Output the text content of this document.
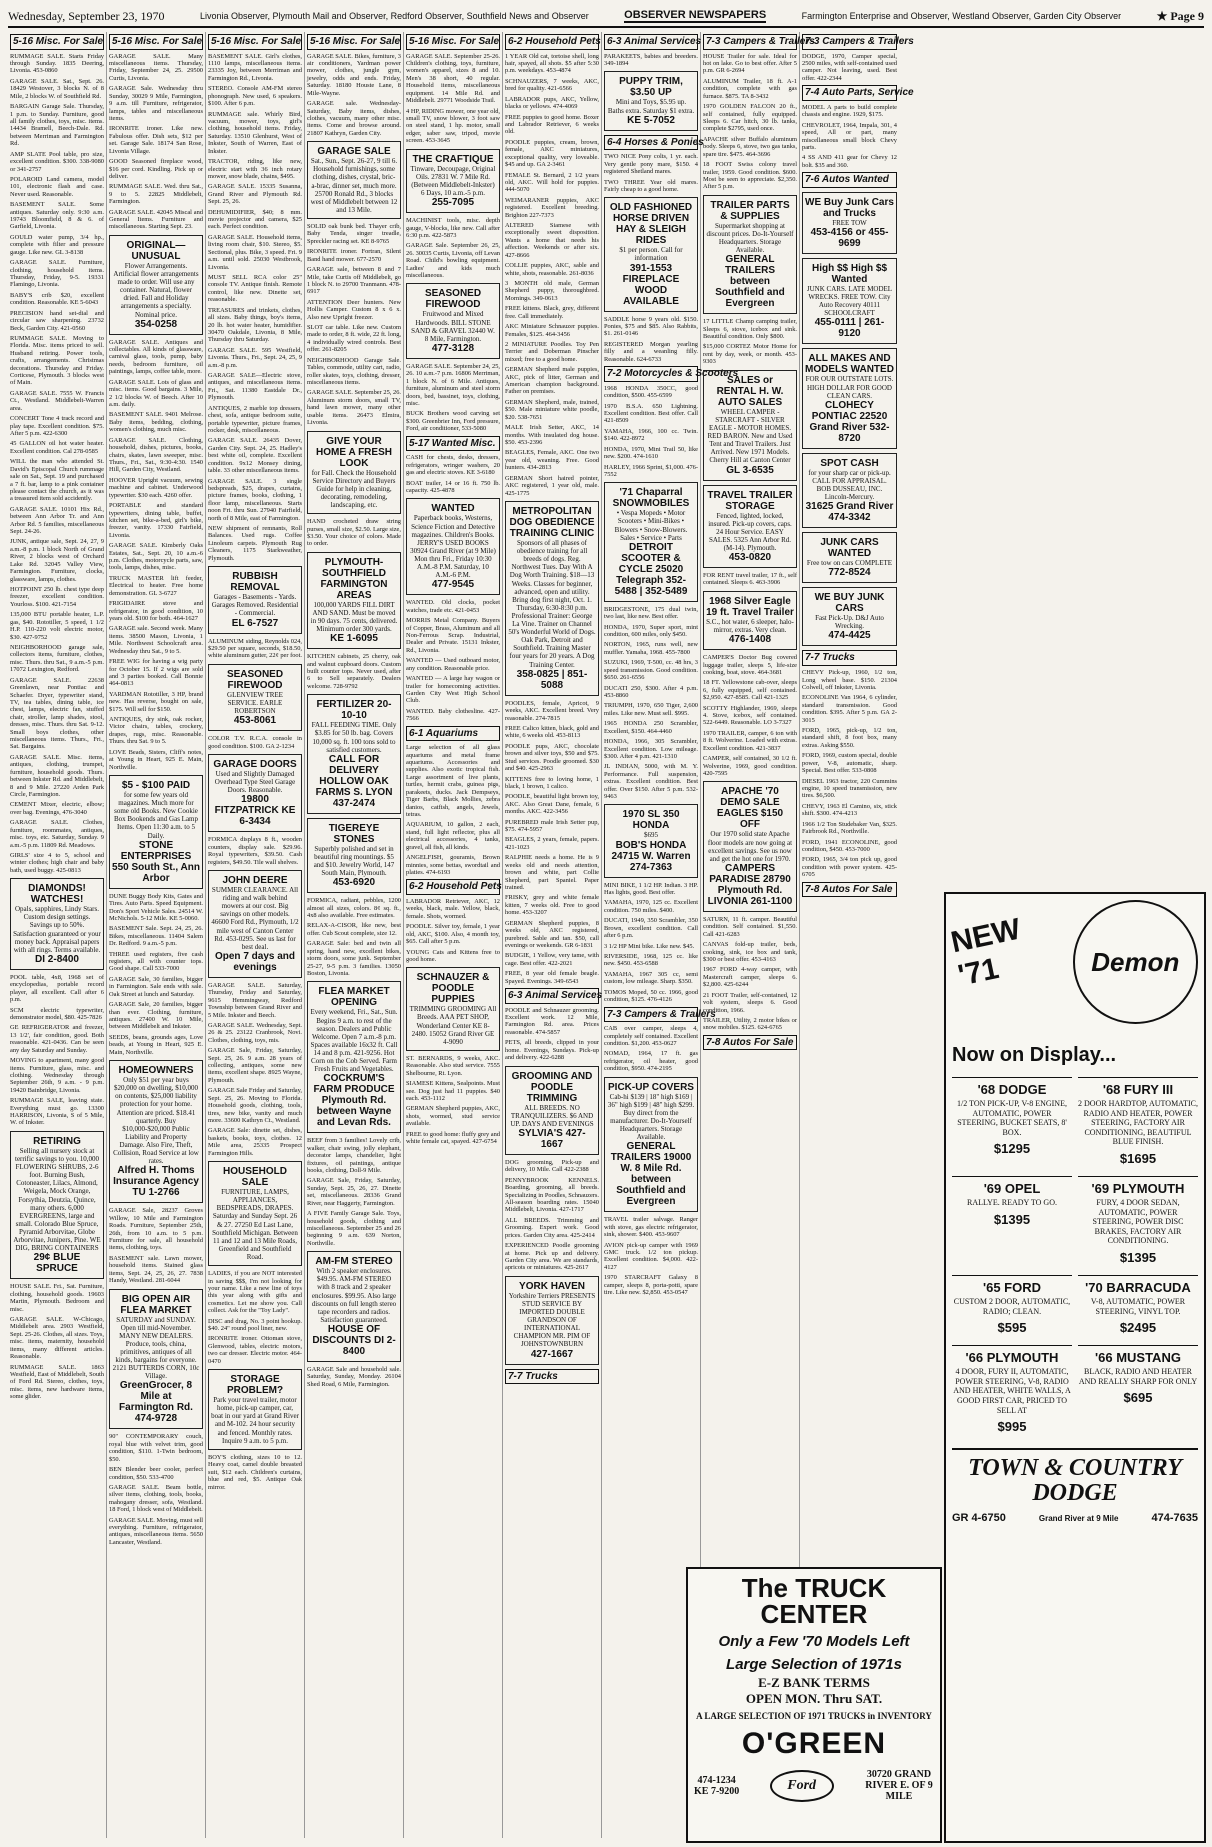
Wednesday, September 23, 1970	Livonia Observer, Plymouth Mail and Observer, Redford Observer, Southfield News and Observer	OBSERVER NEWSPAPERS	Farmington Enterprise and Observer, Westland Observer, Garden City Observer	★ Page 9
5-16 Misc. For Sale
RUMMAGE SALE. Starts Friday through Sunday. 1835 Deering, Livonia. 453-0860
GARAGE SALE. Sat., Sept. 26. 18429 Westover, 3 blocks N. of 8 Mile, 2 blocks W. of Southfield Rd.
BARGAIN Garage Sale. Thursday, 1 p.m. to Sunday. Furniture, good all family clothes, toys, misc. items. 14434 Bramell, Beech-Dale. Rd. between Merriman and Farmington Rd.
AMP SLATE Pool table, pro size, excellent condition. $300. 338-9080 or 341-2757
POLAROID Land camera, model 101, electronic flash and case. Never used. Reasonable.
BASEMENT SALE. Some antiques. Saturday only. 9:30 a.m. 19743 Bloomfield, 8 & 6. of Garfield, Livonia.
GOULD water pump, 3/4 hp., complete with filter and pressure gauge. Like new. GL 3-8138
GARAGE SALE. Furniture, clothing, household items. Thursday, Friday, 9-5. 19331 Flamingo, Livonia.
BABY'S crib $20, excellent condition. Reasonable. KE 5-6043
PRECISION hand set-dial and circular saw sharpening. 23732 Beck, Garden City. 421-0560
RUMMAGE SALE. Moving to Florida. Misc. items priced to sell. Husband retiring. Power tools, crafts, arrangements. Christmas decorations. Thursday and Friday. Corticese, Plymouth. 3 blocks west of Main.
GARAGE SALE. 7555 W. Francis Ct., Westland. Middlebelt-Warren area.
CONCERT Tone 4 track record and play tape. Excellent condition. $75. After 5 p.m. 422-6300
45 GALLON oil hot water heater. Excellent condition. Cal 278-0585
WILL the man who attended St. David's Episcopal Church rummage sale on Sat., Sept. 19 and purchased a 7 ft. bar, lamp to a pink container please contact the church, as it was a treasured item sold accidently.
GARAGE SALE. 10101 Hix Rd., between Ann Arbor Tr. and Ann Arbor Rd. 5 families, miscellaneous Sept. 24-26.
JUNK, antique sale, Sept. 24, 27, 9 a.m.-8 p.m. 1 block North of Grand River, 2 blocks west of Orchard Lake Rd. 32045 Valley View, Farmington. Furniture, clocks, glassware, lamps, clothes.
HOTPOINT 250 lb. chest type deep freezer, excellent condition. Yourloss. $100. 421-7154
135,000 BTU portable heater, L.P. gas, $40. Rototiller, 5 speed, 1 1/2 H.P. 110-220 volt electric motor, $30. 427-9752
NEIGHBORHOOD garage sale, collectors items, furniture, clothes, misc. Thurs. thru Sat., 9 a.m.-5 p.m. 17072 Lexington, Redford.
GARAGE SALE. 22638 Greenlawn, near Pontiac and Schaefer. Dryer, typewriter stand, TV, tea tables, dining table, ice chest, lamps, electric fan, stuffed chair, stroller, lamp shades, stool, dresses, misc. Thurs. thru Sat. 9-12. Small boys clothes, other miscellaneous items. Thurs., Fri., Sat. Bargains.
GARAGE SALE. Misc. items, antiques, clothing, trumpet, furniture, household goods. Thurs. between Inkster Rd. and Middlebelt, 8 and 9 Mile. 27220 Arden Park Circle, Farmington.
CEMENT Mixer, electric, elbow; over bag. Evenings, 476-3040
GARAGE SALE. Clothes, furniture, roommates, antiques, misc. toys, etc. Saturday, Sunday. 9 a.m.-5 p.m. 11809 Rd. Meadows.
GIRLS' size 4 to 5, school and winter clothes; high chair and baby bath, used buggy. 425-0813
DIAMONDS! WATCHES!
Opals, sapphires, Lindy Stars. Custom design settings. Savings up to 50%. Satisfaction guaranteed or your money back. Appraisal papers with all rings. Terms available.
DI 2-8400
POOL table, 4x8, 1968 set of encyclopedias, portable record player, all excellent. Call after 6 p.m.
SCM electric typewriter, demonstrator model, $80. 425-7826
GE REFRIGERATOR and freezer, 13 1/2', fair condition, good. Both reasonable. 421-0436. Can be seen any day Saturday and Sunday.
MOVING to apartment, many good items. Furniture, glass, misc. and clothing. Wednesday through September 26th, 9 a.m. - 9 p.m. 19420 Bainbridge, Livonia.
RUMMAGE SALE, leaving state. Everything must go. 13300 HARRISON, Livonia, S of 5 Mile, W. of Inkster.
RETIRING
Selling all nursery stock at terrific savings to you. 10,000 FLOWERING SHRUBS, 2-6 foot. Burning Bush, Cotoneaster, Lilacs, Almond, Weigela, Mock Orange, Forsythia, Deutzia, Quince, many others. 6,000 EVERGREENS, large and small. Colorado Blue Spruce, Pyramid Arborvitae, Globe Arborvitae, Junipers, Pine. WE DIG, BRING CONTAINERS
29¢ BLUE SPRUCE
HOUSE SALE. Fri., Sat. Furniture, clothing, household goods. 19603 Martin, Plymouth. Bedroom and misc.
GARAGE SALE. W-Chicago, Middlebelt area. 2903 Westfield, Sept. 25-26. Clothes, all sizes. Toys, misc. items, maternity, household items, many different articles. Reasonable.
RUMMAGE SALE. 1863 Westfield, East of Middlebelt, South of Ford Rd. Stereo, clothes, toys, misc. items, new hardware items, some glider.
5-16 Misc. For Sale
GARAGE SALE. Many miscellaneous items. Thursday, Friday, September 24, 25. 29500 Curtis, Livonia.
GARAGE Sale. Wednesday thru Sunday, 30029 9 Mile, Farmington, 9 a.m. till Furniture, refrigerator, lamps, tables and miscellaneous items.
IRONRITE ironer. Like new. Fabulous offer. Dish sets, $12 per set. Garage Sale. 18174 San Rose, Livonia Village.
GOOD Seasoned fireplace wood, $16 per cord. Kindling. Pick up or deliver.
RUMMAGE SALE. Wed. thru Sat., 9 to 5. 22825 Middlebelt, Farmington.
GARAGE SALE. 42045 Miscal and General Items. Furniture and miscellaneous. Starting Sept. 23.
ORIGINAL—UNUSUAL
Flower Arrangements. Artificial flower arrangements made to order. Will use any container. Natural, flower dried. Fall and Holiday arrangements a specialty. Nominal price.
354-0258
GARAGE SALE. Antiques and collectables. All kinds of glassware, carnival glass, tools, pump, baby needs, bedroom furniture, oil paintings, lamps, coffee table, more.
GARAGE SALE. Lots of glass and misc. items. Good bargains. 3 Mile, 2 1/2 blocks W. of Beech. After 10 a.m. daily.
BASEMENT SALE. 9401 Melrose. Baby items, bedding, clothing, women's clothing, much misc.
GARAGE SALE. Clothing, household, dishes, pictures, books, chairs, skates, lawn sweeper, misc. Thurs., Fri., Sat., 9:30-4:30. 1540 Hill, Garden City, Westland.
HOOVER Upright vacuum, sewing machine and cabinet. Underwood typewriter. $30 each. 4260 offer.
PORTABLE and standard typewriters, dining table, buffet, kitchen set, bike-a-bed, girl's bike, freezer, vanity. 17330 Fairfield, Livonia.
GARAGE SALE. Kimberly Oaks Estates, Sat., Sept. 20, 10 a.m.-6 p.m. Clothes, motorcycle parts, saw, tools, lamps, dishes, misc.
TRUCK MASTER lift feeder, Electrical to heater. Free home demonstration. GL 3-6727
FRIGIDAIRE stove and refrigerator, in good condition, 10 years old. $100 for both. 464-1627
GARAGE sale. Second week. Many items. 38500 Mason, Livonia, 1 Mile. Northwest Schoolcraft area. Wednesday thru Sat., 9 to 5.
FREE WIG for having a wig party for October 15. If 2 wigs are sold and 3 parties booked. Call Bonnie 464-0813
YARDMAN Rototiller, 3 HP, brand new. Has reverse, bought on sale, $175. Will sell for $150.
ANTIQUES, dry sink, oak rocker, Victor chairs, tables, crockery, drapes, rugs, misc. Reasonable. Thurs. thru Sat. 9 to 5.
LOVE Beads, Sisters, Cliff's notes, at Young in Heart, 925 E. Main, Northville.
$5 - $100 PAID
for some few years old magazines. Much more for some old Books. New Cookie Box Bookends and Gas Lamp Items. Open 11:30 a.m. to 5 Daily.
STONE ENTERPRISES 550 South St., Ann Arbor
DUNE Buggy Body Kits, Gates and Tires. Auto Parts. Speed Equipment. Don's Sport Vehicle Sales. 24514 W. McNichols. 5-12 Mile. KE 5-0060.
BASEMENT Sale. Sept. 24, 25, 26. Bikes, miscellaneous. 11404 Salem Dr. Redford. 9 a.m.-5 p.m.
THREE used registers, five cash registers, all with counter tops. Good shape. Call 533-7000
GARAGE Sale, 30 families, bigger in Farmington. Sale ends with sale. Oak Street at lunch and Saturday.
GARAGE Sale, 20 families, bigger than ever. Clothing, furniture, antiques. 27400 W. 10 Mile, between Middlebelt and Inkster.
SEEDS, beans, grounds ages, Love beads, at Young in Heart, 925 E. Main, Northville.
HOMEOWNERS
Only $51 per year buys $20,000 on dwelling, $10,000 on contents, $25,000 liability protection for your home. Attention are priced. $18.41 quarterly. Buy $10,000-$20,000 Public Liability and Property Damage. Also Fire, Theft, Collision, Road Service at low rates.
Alfred H. Thoms Insurance Agency TU 1-2766
GARAGE Sale, 28237 Groves Willow, 10 Mile and Farmington Roads. Furniture, September 25th, 26th, from 10 a.m. to 5 p.m. Furniture for sale, all household items, clothing, toys.
BASEMENT sale. Lawn mower, household items. Stained glass items, Sept. 24, 25, 26, 27. 7838 Handy, Westland. 281-6044
BIG OPEN AIR FLEA MARKET
SATURDAY and SUNDAY. Open till mid-November. MANY NEW DEALERS. Produce, tools, china, primitives, antiques of all kinds, bargains for everyone. 2121 BUTTERDS CORN, 10c Village.
GreenGrocer, 8 Mile at Farmington Rd. 474-9728
90" CONTEMPORARY couch, royal blue with velvet trim, good condition, $110. 1-Twin bedroom, $50.
BEN Blender beer cooler, perfect condition, $50. 533-4700
GARAGE SALE. Beam bottle, silver items, clothing, tools, books, mahogany dresser, sofa, Westland. 18 Ford, 1 block west of Middlebelt.
GARAGE SALE. Moving, must sell everything. Furniture, refrigerator, antiques, miscellaneous items. 5650 Lancaster, Westland.
5-16 Misc. For Sale
BASEMENT SALE. Girl's clothes, 1110 lamps, miscellaneous items. 23335 Joy, between Merriman and Farmington Rd., Livonia.
STEREO. Console AM-FM stereo phonograph. New used, 6 speakers. $100. After 6 p.m.
RUMMAGE sale. Whirly Bird, vacuum, mower, toys, girl's clothing, household items. Friday, Saturday. 13510 Glenhurst, West of Inkster, South of Warren, East of Inkster.
TRACTOR, riding, like new, electric start with 36 inch rotary mower, snow blade, chains, $495.
GARAGE SALE. 15335 Susanna, Grand River and Plymouth Rd. Sept. 25, 26.
DEHUMIDIFIER, $40; 8 mm. movie projector and camera, $25 each. Perfect condition.
GARAGE SALE. Household items, living room chair, $10. Stereo, $5. Sectional, plus. Bike, 3 speed. Fri. 9 a.m. until sold. 25030 Westbrook, Livonia.
MUST SELL RCA color 25" console TV. Antique finish. Remote control, like new. Dinette set, reasonable.
TREASURES and trinkets, clothes, all sizes. Baby things, boy's items, 20 lb. hot water heater, humidifier. 30470 Oakdale, Livonia, 8 Mile, Thursday thru Saturday.
GARAGE SALE. 595 Westfield, Livonia. Thurs., Fri., Sept. 24, 25, 9 a.m.-8 p.m.
GARAGE SALE—Electric stove, antiques, and miscellaneous items. Fri., Sat. 11380 Eastdale Dr., Plymouth.
ANTIQUES, 2 marble top dressers, chest, sofa, antique bedroom suite, portable typewriter, picture frames, rocker, desk, miscellaneous.
GARAGE SALE. 26435 Dover, Garden City. Sept. 24, 25. Hadley's best white oil, complete. Excellent condition. 9x12 Monsey dining, table. 33 other miscellaneous items.
GARAGE SALE. 3 single bedspreads, $25, drapes, curtains, picture frames, books, clothing, 1 floor lamp, miscellaneous. Starts noon Fri. thru Sun. 27940 Fairfield, north of 8 Mile, east of Farmington.
NEW shipment of remnants, Roll Balances. Used rugs. Coffee Linoleum carpets. Plymouth Rug Cleaners, 1175 Starkweather, Plymouth.
RUBBISH REMOVAL
Garages - Basements - Yards. Garages Removed. Residential - Commercial.
EL 6-7527
ALUMINUM siding, Reynolds 024, $29.50 per square, seconds, $18.50, white aluminum gutter, 22¢ per foot.
SEASONED FIREWOOD
GLENVIEW TREE SERVICE. EARLE ROBERTSON
453-8061
COLOR T.V. R.C.A. console in good condition. $100. GA 2-1234
GARAGE DOORS
Used and Slightly Damaged Overhead Type Steel Garage Doors. Reasonable.
19800 FITZPATRICK KE 6-3434
FORMICA displays 8 ft., wooden counters, display sale. $29.96. Royal typewriters, $39.50. Cash registers, $49.50. Tile wall shelves.
JOHN DEERE
SUMMER CLEARANCE. All riding and walk behind mowers at our cost. Big savings on other models. 46600 Ford Rd., Plymouth, 1/2 mile west of Canton Center Rd. 453-0295. See us last for best deal.
Open 7 days and evenings
GARAGE SALE. Saturday, Thursday, Friday and Saturday, 9615 Hemmingway, Redford Township between Grand River and 5 Mile. Inkster and Beech.
GARAGE SALE. Wednesday, Sept. 26 & 25. 23122 Cranbrook, Novi. Clothes, clothing, toys, mis.
GARAGE Sale, Friday, Saturday, Sept. 25, 26. 9 a.m. 28 years of collecting, antiques, some new items, excellent shape. 8925 Wayne, Plymouth.
GARAGE Sale Friday and Saturday, Sept. 25, 26. Moving to Florida. Household goods, clothing, tools, tires, new bike, vanity and much more. 33600 Kathryn Ct., Westland.
GARAGE Sale: dinette set, dishes, baskets, books, toys, clothes. 12 Mile area, 25335 Prospect Farmington Hills.
HOUSEHOLD SALE
FURNITURE, LAMPS, APPLIANCES, BEDSPREADS, DRAPES. Saturday and Sunday Sept. 26 & 27. 27250 Ed Last Lane, Southfield Michigan. Between 11 and 12 and 13 Mile Roads, Greenfield and Southfield Road.
LADIES, if you are NOT interested in saving $$$, I'm not looking for your name. Like a new line of toys this year along with gifts and cosmetics. Let me show you. Call collect. Ask for the "Toy Lady".
DISC and drag, No. 3 point hookup. $40. 24" round pool liner, new.
IRONRITE ironer. Ottoman stove, Glenwood, tables, electric motors, two car dresser. Electric motor. 464-0470
STORAGE PROBLEM?
Park your travel trailer, motor home, pick-up camper, car, boat in our yard at Grand River and M-102. 24 hour security and fenced. Monthly rates. Inquire 9 a.m. to 5 p.m.
BOY'S clothing, sizes 10 to 12. Heavy coat, camel double breasted suit, $12 each. Children's curtains, blue and red, $5. Antique Oak mirror.
5-16 Misc. For Sale
GARAGE SALE. Bikes, furniture, 3 air conditioners, Yardman power mower, clothes, jungle gym, jewelry, odds and ends. Friday, Saturday. 18180 Houste Lane, 8 Mile-Wayne.
GARAGE sale. Wednesday-Saturday, Baby items, dishes, clothes, vacuum, many other misc. items. Come and browse around. 21807 Kathryn, Garden City.
GARAGE SALE
Sat., Sun., Sept. 26-27, 9 till 6. Household furnishings, some clothing, dishes, crystal, bric-a-brac, dinner set, much more. 25700 Ronald Rd., 3 blocks west of Middlebelt between 12 and 13 Mile.
SOLID oak bunk bed. Thayer crib, Baby Tenda, singer treadle, Spreckler racing set. KE 8-9765
IRONRITE ironer. Fortran, Silent Band hand mower. 677-2570
GARAGE sale, between 8 and 7 Mile, take Curtis off Middlebelt, go 1 block N. to 29700 Tranmann. 478-6917
ATTENTION Deer hunters. New Hollis Camper. Custom 8 x 6 x. Also new Upright freezer.
SLOT car table. Like new. Custom made to order, 8 ft. wide, 22 ft. long, 4 individually wired controls. Best offer. 261-8205
NEIGHBORHOOD Garage Sale. Tables, commode, utility cart, radio, roller skates, toys, clothing, dresser, miscellaneous items.
GARAGE SALE. September 25, 26. Aluminum storm doors, small TV, hand lawn mower, many other usable items. 26473 Elmira, Livonia.
GIVE YOUR HOME A FRESH LOOK
for Fall. Check the Household Service Directory and Buyers Guide for help in cleaning, decorating, remodeling, landscaping, etc.
HAND crocheted draw string purses, small size, $2.50. Large size, $3.50. Your choice of colors. Made to order.
PLYMOUTH-SOUTHFIELD FARMINGTON AREAS
100,000 YARDS FILL DIRT AND SAND. Must be moved in 90 days. 75 cents, delivered. Minimum order 300 yards.
KE 1-6095
KITCHEN cabinets, 25 cherry, oak and walnut cupboard doors. Custom built counter tops. Never used, after 6 to Sell separately. Dealers welcome. 728-9792
FERTILIZER 20-10-10
FALL FEEDING TIME. Only $3.85 for 50 lb. bag. Covers 10,000 sq. ft. 100 tons sold to satisfied customers.
CALL FOR DELIVERY HOLLOW OAK FARMS S. LYON 437-2474
TIGEREYE STONES
Superbly polished and set in beautiful ring mountings. $5 and $10. Jewelry World, 147 South Main, Plymouth.
453-6920
FORMICA, radiant, pebbles, 1200 almost all sizes, colors. 8¢ sq. ft., 4x8 also available. Free estimates.
RELAX-A-CISOR, like new, best offer. Cub Scout complete, size 12.
GARAGE Sale: bed and twin all spring, hand new, excellent bikes, storm doors, some junk. September 25-27, 9-5 p.m. 3 families. 13050 Boston, Livonia.
FLEA MARKET OPENING
Every weekend, Fri., Sat., Sun. Begins 9 a.m. to rest of the season. Dealers and Public Welcome. Open 7 a.m.-8 p.m. Spaces available 16x32 ft. Call 14 and 8 p.m. 421-9256. Hot Corn on the Cob Served. Farm Fresh Fruits and Vegetables.
COCKRUM'S FARM PRODUCE Plymouth Rd. between Wayne and Levan Rds.
BEEF from 3 families! Lovely crib, walker, chair swing, jolly elephant, decorator lamps, chandelier, light fixtures, oil paintings, antique books, clothing, Doll-9 Mile.
GARAGE Sale, Friday, Saturday, Sunday, Sept. 25, 26, 27. Dinette set, miscellaneous. 28336 Grand River, near Haggerty, Farmington.
A FIVE Family Garage Sale. Toys, household goods, clothing and miscellaneous. September 25 and 26 beginning 9 a.m. 639 Norton, Northville.
AM-FM STEREO
With 2 speaker enclosures. $49.95. AM-FM STEREO with 8 track and 2 speaker enclosures. $99.95. Also large discounts on full length stereo tape recorders and radios. Satisfaction guaranteed.
HOUSE OF DISCOUNTS DI 2-8400
GARAGE Sale and household sale. Saturday, Sunday, Monday. 26104 Shed Road, 6 Mile, Farmington.
5-16 Misc. For Sale
GARAGE SALE. September 25-26. Children's clothing, toys, furniture, women's apparel, sizes 8 and 10. Men's 38 short, 40 regular. Household items, miscellaneous equipment. 14 Mile Rd. and Middlebelt. 29771 Woodside Trail.
4 HP, RIDING mower, one year old, small TV, snow blower, 3 foot saw on steel stand, 1 hp. motor, small edger, saber saw, tripod, movie screen. 453-3645
THE CRAFTIQUE
Tinware, Decoupage, Original Oils. 27831 W. 7 Mile Rd. (Between Middlebelt-Inkster) 6 Days, 10 a.m.-5 p.m.
255-7095
MACHINIST tools, misc. depth gauge, V-blocks, like new. Call after 6:30 p.m. 422-5873
GARAGE Sale. September 26, 25, 26. 30035 Curtis, Livonia, off Levan Road. Child's bowling equipment. Ladies' and kids much miscellaneous.
SEASONED FIREWOOD
Fruitwood and Mixed Hardwoods. BILL STONE SAND & GRAVEL 32440 W. 8 Mile, Farmington.
477-3128
GARAGE SALE. September 24, 25, 26. 10 a.m.-7 p.m. 16806 Merriman, 1 block N. of 6 Mile. Antiques, furniture, aluminum and steel storm doors, bed, bassinet, toys, clothing, misc.
BUCK Brothers wood carving set $300. Greenbrier Inn, Ford pressure, Ford, air conditioner, 533-5080
5-17 Wanted Misc.
CASH for chests, desks, dressers, refrigerators, wringer washers, 20 gas and electric stoves. KE 3-6180
BOAT trailer, 14 or 16 ft. 750 lb. capacity. 425-4878
WANTED
Paperback books, Westerns, Science Fiction and Detective magazines. Children's Books. JERRY'S USED BOOKS 30924 Grand River (at 9 Mile) Mon thru Fri., Friday 10:30 A.M.-8 P.M. Saturday, 10 A.M.-6 P.M.
477-9545
WANTED. Old clocks, pocket watches, trade etc. 421-0453
MORRIS Metal Company. Buyers of Copper, Brass, Aluminum and all Non-Ferrous Scrap. Industrial, Dealer and Private. 15131 Inkster, Rd., Livonia.
WANTED — Used outboard motor, any condition. Reasonable price.
WANTED — A large hay wagon or trailer for homecoming activities. Garden City West High School Club.
WANTED. Baby clothesline. 427-7566
6-1 Aquariums
Large selection of all glass aquariums and metal frame aquariums. Accessories and supplies. Also exotic tropical fish. Large assortment of live plants, turtles, hermit crabs, guinea pigs, parakeets, ducks. Jack Dempseys, Tiger Barbs, Black Mollies, zebra danios, catfish, angels, Jewels, tetras.
AQUARIUM, 10 gallon, 2 each, stand, full light reflector, plus all electrical accessories, 4 tanks, gravel, all fish, all kinds.
ANGELFISH, gouramis, Brown minnies, some bettas, swordtail and platies. 474-6193
6-2 Household Pets
LABRADOR Retriever, AKC, 12 weeks, black, male. Yellow, black, female. Shots, wormed.
POODLE. Silver toy, female, 1 year old, AKC, $100. Also, 4 month toy, $65. Call after 5 p.m.
YOUNG Cats and Kittens free to good home.
SCHNAUZER & POODLE PUPPIES
TRIMMING GROOMING All Breeds. AAA PET SHOP, Wonderland Center KE 8-2480. 15052 Grand River GE 4-9090
ST. BERNARDS, 9 weeks, AKC. Reasonable. Also stud service. 7555 Shelbourne, Rt. Lyon.
SIAMESE Kittens, Sealpoints. Must see. Dog just had 11 puppies. $40 each. 453-1112
GERMAN Shepherd puppies, AKC, shots, wormed, stud service available.
FREE to good home: fluffy grey and white female cat, spayed. 427-6754
6-2 Household Pets
1 YEAR Old cat, tortoise shell, long hair, spayed, all shots. $5 after 5:30 p.m. weekdays. 453-4874
SCHNAUZERS, 7 weeks, AKC, bred for quality. 421-6566
LABRADOR pups, AKC, Yellow, blacks or yellows. 474-4069
FREE puppies to good home. Boxer and Labrador Retriever, 6 weeks old.
POODLE puppies, cream, brown, female, AKC miniatures, exceptional quality, very loveable. $45 and up. GA 2-3461
FEMALE St. Bernard, 2 1/2 years old, AKC. Will hold for puppies. 444-5070
WEIMARANER puppies, AKC registered. Excellent breeding. Brighton 227-7373
ALTERED Siamese with exceptionally sweet disposition. Wants a home that needs his affection. Weekends or after six. 427-8666
COLLIE puppies, AKC, sable and white, shots, reasonable. 261-8036
3 MONTH old male, German Shepherd puppy, thoroughbred. Mornings. 349-0613
FREE kittens. Black, grey, different free. Call immediately.
AKC Miniature Schnauzer puppies. Females, $125. 464-3456
2 MINIATURE Poodles. Toy Pen Terrier and Doberman Pinscher mixed; free to a good home.
GERMAN Shepherd male puppies, AKC, pick of litter, German and American champion background. Father on premises.
GERMAN Shepherd, male, trained, $50. Male miniature white poodle, $20. 538-7651
MALE Irish Setter, AKC, 14 months. With insulated dog house. $50. 453-2396
BEAGLES, Female, AKC. One two year old, weaning. Free. Good hunters. 434-2813
GERMAN Short haired pointer, AKC registered, 1 year old, male. 425-1775
METROPOLITAN DOG OBEDIENCE TRAINING CLINIC
Sponsors of all phases of obedience training for all breeds of dogs. Reg. Northwest Tues. Day With A Dog Worth Training. $18—13 Weeks. Classes for beginner, advanced, open and utility. Bring dog first night, Oct. 1. Thursday, 6:30-8:30 p.m. Professional Trainer: George La Vine. Trainer on Channel 50's Wonderful World of Dogs. Oak Park, Detroit and Southfield. Training Master four years for 20 years. A Dog Training Center.
358-0825 | 851-5088
POODLES, female, Apricot, 9 weeks, AKC. Excellent breed. Very reasonable. 274-7815
FREE Calico kitten, black, gold and white, 6 weeks old. 453-8113
POODLE pups, AKC, chocolate brown and silver toys, $50 and $75. Stud services. Poodle groomed. $30 and $40. 425-2963
KITTENS free to loving home, 1 black, 1 brown, 1 calico.
POODLE, beautiful light brown toy, AKC. Also Great Dane, female, 6 months. AKC. 422-3456
PUREBRED male Irish Setter pup, $75. 474-5957
BEAGLES, 2 years, female, papers. 421-1023
RALPHIE needs a home. He is 9 weeks old and needs attention, brown and white, part Collie Shepherd, part Spaniel. Paper trained.
FRISKY, grey and white female kitten, 7 weeks old. Free to good home. 453-3207
GERMAN Shepherd puppies, 8 weeks old, AKC registered, purebred. Sable and tan. $50, call evenings or weekends. GR 6-1831
BUDGIE, 1 Yellow, very tame, with cage. Best offer. 422-2021
FREE, 8 year old female beagle. Spayed. Evenings. 349-6543
6-3 Animal Services
POODLE and Schnauzer grooming. Excellent work. 12 Mile, Farmington Rd. area. Prices reasonable. 474-5857
PETS, all breeds, clipped in your home. Evenings, Sundays. Pick-up and delivery. 422-6288
GROOMING AND POODLE TRIMMING
ALL BREEDS. NO TRANQUILIZERS. $6 AND UP. DAYS AND EVENINGS
SYLVIA'S 427-1667
DOG grooming, Pick-up and delivery, 10 Mile. Call 422-2388
PENNYBROOK KENNELS. Boarding, grooming, all breeds. Specializing in Poodles, Schnauzers. All-season boarding rates. 15040 Middlebelt, Livonia. 427-1717
ALL BREEDS. Trimming and Grooming. Expert work. Good prices. Garden City area. 425-2414
EXPERIENCED Poodle grooming at home. Pick up and delivery. Garden City area. We are standards, apricots or miniatures. 425-2617
YORK HAVEN
Yorkshire Terriers PRESENTS STUD SERVICE BY IMPORTED DOUBLE GRANDSON OF INTERNATIONAL CHAMPION MR. PIM OF JOHNSTOWNBURN
427-1667
7-7 Trucks
6-3 Animal Services
PARAKEETS, babies and breeders. 349-1894
PUPPY TRIM, $3.50 UP
Mini and Toys, $5.95 up. Baths extra. Saturday $1 extra.
KE 5-7052
6-4 Horses & Ponies
TWO NICE Pony colts, 1 yr. each. Very gentle pony mare, $150. 4 registered Shetland mares.
TWO THREE Year old mares. Fairly cheap to a good home.
OLD FASHIONED HORSE DRIVEN HAY & SLEIGH RIDES
$1 per person. Call for information
391-1553 FIREPLACE WOOD AVAILABLE
SADDLE horse 9 years old. $150. Ponies, $75 and $85. Also Rabbits, $1. 261-0146
REGISTERED Morgan yearling filly and a weanling filly. Reasonable. 624-6733
7-2 Motorcycles & Scooters
1968 HONDA 350CC, good condition, $500. 455-6599
1970 B.S.A. 650 Lightning. Excellent condition. Best offer. Call 421-8509
YAMAHA, 1966, 100 cc. Twin. $140. 422-8972
HONDA, 1970, Mini Trail 50, like new. $200. 474-1610
HARLEY, 1966 Sprint, $1,000. 476-7552
'71 Chaparral SNOWMOBILES
• Vespa Mopeds • Motor Scooters • Mini-Bikes • Blowers • Snow-Blowers. Sales • Service • Parts
DETROIT SCOOTER & CYCLE 25020 Telegraph 352-5488 | 352-5489
BRIDGESTONE, 175 dual twin, two last, like new. Best offer.
HONDA, 1970, Super sport, mint condition, 600 miles, only $450.
NORTON, 1965, runs well, new muffler. Yamaha, 1968. 455-7800
SUZUKI, 1969, T-500, cc. 48 hrs, 3 speed transmission. Good condition. $650. 261-6556
DUCATI 250, $300. After 4 p.m. 453-8860
TRIUMPH, 1970, 650 Tiger, 2,600 miles. Like new. Must sell. $995.
1965 HONDA 250 Scrambler, Excellent, $150. 464-4460
HONDA, 1966, 305 Scrambler, Excellent condition. Low mileage. $300. After 4 p.m. 421-1310
JL INDIAN, 5000, with M. Y. Performance. Full suspension, extras. Excellent condition. Best offer. Over $150. After 5 p.m. 532-9463
1970 SL 350 HONDA
$695
BOB'S HONDA 24715 W. Warren 274-7363
MINI BIKE, 1 1/2 HP. Indian. 3 HP. Has lights, good. Best offer.
YAMAHA, 1970, 125 cc. Excellent condition. 750 miles. $400.
DUCATI, 1949, 350 Scrambler, 350 Brown, excellent condition. Call after 6 p.m.
3 1/2 HP Mini bike. Like new. $45.
RIVERSIDE, 1968, 125 cc. like new. $450. 453-6588
YAMAHA, 1967 305 cc, semi custom, low mileage. Sharp. $350.
TOMOS Moped, 50 cc. 1966, good condition, $125. 476-4126
7-3 Campers & Trailers
CAB over camper, sleeps 4, completely self contained. Excellent condition. $1,200. 453-0627
NOMAD, 1964, 17 ft. gas refrigerator, oil heater, good condition, $950. 474-2195
PICK-UP COVERS
Cab-hi $139 | 18" high $169 | 36" high $199 | 48" high $299. Buy direct from the manufacturer. Do-It-Yourself Headquarters. Storage Available.
GENERAL TRAILERS 19000 W. 8 Mile Rd. between Southfield and Evergreen
TRAVEL trailer salvage. Ranger with stove, gas electric refrigerator, sink, shower. $400. 453-9607
AVION pick-up camper with 1969 GMC truck. 1/2 ton pickup. Excellent condition. $4,000. 422-4127
1970 STARCRAFT Galaxy 8 camper, sleeps 8, porta-potti, spare tire. Like new. $2,850. 453-0547
7-3 Campers & Trailers
HOUSE Trailer for sale. Ideal for hot on lake. Go to best offer. After 5 p.m. GR 6-2694
ALUMINUM Trailer, 18 ft. A-1 condition, complete with gas furnace. $875. TA 8-3432
1970 GOLDEN FALCON 20 ft., self contained, fully equipped. Sleeps 6. Car hitch, 30 lb. tanks, complete $2795, used once.
APACHE silver Buffalo aluminum body. Sleeps 6, stove, two gas tanks, spare tire. $475. 464-3696
18 FOOT Swiss colony travel trailer, 1959. Good condition. $600. Most be seen to appreciate. $2,350. After 5 p.m.
TRAILER PARTS & SUPPLIES
Supermarket shopping at discount prices. Do-It-Yourself Headquarters. Storage Available.
GENERAL TRAILERS between Southfield and Evergreen
17 LITTLE Champ camping trailer, Sleeps 6, stove, icebox and sink. Beautiful condition. Only $800.
$15,000 CORTEZ Motor Home for rent by day, week, or month. 453-9303
SALES or RENTAL H. W. AUTO SALES
WHEEL CAMPER - STARCRAFT - SILVER EAGLE - MOTOR HOMES. RED BARON. New and Used Tent and Travel Trailers. Just Arrived. New 1971 Models. Cherry Hill at Canton Center
GL 3-6535
TRAVEL TRAILER STORAGE
Fenced, lighted, locked, insured. Pick-up covers, caps. 24 Hour Service. EASY SALES. 5325 Ann Arbor Rd. (M-14). Plymouth.
453-0820
FOR RENT travel trailer, 17 ft., self contained. Sleeps 6. 463-3906
1968 Silver Eagle 19 ft. Travel Trailer
S.C., hot water, 6 sleeper, halo-mirror, extras. Very clean.
476-1408
CAMPER'S Doctor Bug covered luggage trailer, sleeps 5, life-size cooking, boat, stove. 464-3681
18 FT. Yellowstone cab-over, sleeps 6, fully equipped, self contained. $2,950. 427-8585. Call 421-1325
SCOTTY Highlander, 1969, sleeps 4. Stove, icebox, self contained. 522-6449. Reasonable. LO 3-7327
1970 TRAILER, camper, 6 ton with 8 ft. Wolverine. Loaded with extras. Excellent condition. 421-3837
CAMPER, self contained, 30 1/2 ft. Wolverine, 1969, good condition. 420-7595
APACHE '70 DEMO SALE EAGLES $150 OFF
Our 1970 solid state Apache floor models are now going at excellent savings. See us now and get the hot one for 1970.
CAMPERS PARADISE 28790 Plymouth Rd. LIVONIA 261-1100
SATURN, 11 ft. camper. Beautiful condition. Self contained. $1,550. Call 421-6283
CANVAS fold-up trailer, beds, cooking, sink, ice box and tank, $300 or best offer. 453-4163
1967 FORD 4-way camper, with Mastercraft camper, sleeps 6. $2,800. 425-6244
21 FOOT Trailer, self-contained, 12 volt system, sleeps 6. Good condition, 1966.
TRAILER, Utility, 2 motor bikes or snow mobiles. $125. 624-6765
7-8 Autos For Sale
7-3 Campers & Trailers
DODGE, 1970, Camper special, 2500 miles, with self-contained used camper. Not leaving, used. Best offer. 422-2344
7-4 Auto Parts, Service
MODEL A parts to build complete chassis and engine. 1929, $175.
CHEVROLET, 1964, Impala, 301, 4 speed, All or part, many miscellaneous small block Chevy parts.
4 SS AND 411 gear for Chevy 12 bolt. $35 and 360.
7-6 Autos Wanted
WE Buy Junk Cars and Trucks
FREE TOW
453-4156 or 455-9699
High $$ High $$ Wanted
JUNK CARS. LATE MODEL WRECKS. FREE TOW. City Auto Recovery 40111 SCHOOLCRAFT
455-0111 | 261-9120
ALL MAKES AND MODELS WANTED
FOR OUR OUTSTATE LOTS. HIGH DOLLAR FOR GOOD CLEAN CARS.
CLOHECY PONTIAC 22520 Grand River 532-8720
SPOT CASH
for your sharp car or pick-up. CALL FOR APPRAISAL. BOB DUSSEAU, INC. Lincoln-Mercury.
31625 Grand River 474-3342
JUNK CARS WANTED
Free tow on cars COMPLETE
772-8524
WE BUY JUNK CARS
Fast Pick-Up. D&J Auto Wrecking.
474-4425
7-7 Trucks
CHEVY Pick-up, 1960, 1/2 ton, Long wheel base. $150. 21304 Colwell, off Inkster, Livonia.
ECONOLINE Van 1964, 6 cylinder, standard transmission. Good condition. $395. After 5 p.m. GA 2-3015
FORD, 1965, pick-up, 1/2 ton, standard shift, 8 foot box, many extras. Asking $550.
FORD, 1969, custom special, double power, V-8, automatic, sharp. Special. Best offer. 533-0808
DIESEL 1963 tractor, 220 Cummins engine, 10 speed transmission, new tires. $6,500.
CHEVY, 1963 El Camino, six, stick shift. $300. 474-4213
1966 1/2 Ton Studebaker Van, $325. Fairbrook Rd., Northville.
FORD, 1941 ECONOLINE, good condition, $450. 453-7000
FORD, 1965, 3/4 ton pick up, good condition with power system. 425-6705
7-8 Autos For Sale
The TRUCK CENTER
Only a Few '70 Models Left
Large Selection of 1971s
E-Z BANK TERMS
OPEN MON. Thru SAT.
A LARGE SELECTION OF 1971 TRUCKS in INVENTORY
O'GREEN
474-1234
KE 7-9200	Ford
30720 GRAND RIVER E. OF 9 MILE
NEW '71	Demon
Now on Display...
'68 DODGE
1/2 TON PICK-UP, V-8 ENGINE, AUTOMATIC, POWER STEERING, BUCKET SEATS, 8' BOX.
$1295
'68 FURY III
2 DOOR HARDTOP, AUTOMATIC, RADIO AND HEATER, POWER STEERING, FACTORY AIR CONDITIONING, BEAUTIFUL BLUE FINISH.
$1695
'69 OPEL
RALLYE. READY TO GO.
$1395
'69 PLYMOUTH
FURY, 4 DOOR SEDAN, AUTOMATIC, POWER STEERING, POWER DISC BRAKES, FACTORY AIR CONDITIONING.
$1395
'65 FORD
CUSTOM 2 DOOR, AUTOMATIC, RADIO; CLEAN.
$595
'70 BARRACUDA
V-8, AUTOMATIC, POWER STEERING, VINYL TOP.
$2495
'66 PLYMOUTH
4 DOOR, FURY II, AUTOMATIC, POWER STEERING, V-8, RADIO AND HEATER, WHITE WALLS, A GOOD FIRST CAR, PRICED TO SELL AT
$995
'66 MUSTANG
BLACK, RADIO AND HEATER AND REALLY SHARP FOR ONLY
$695
TOWN & COUNTRY DODGE
GR 4-6750	Grand River at 9 Mile	474-7635
